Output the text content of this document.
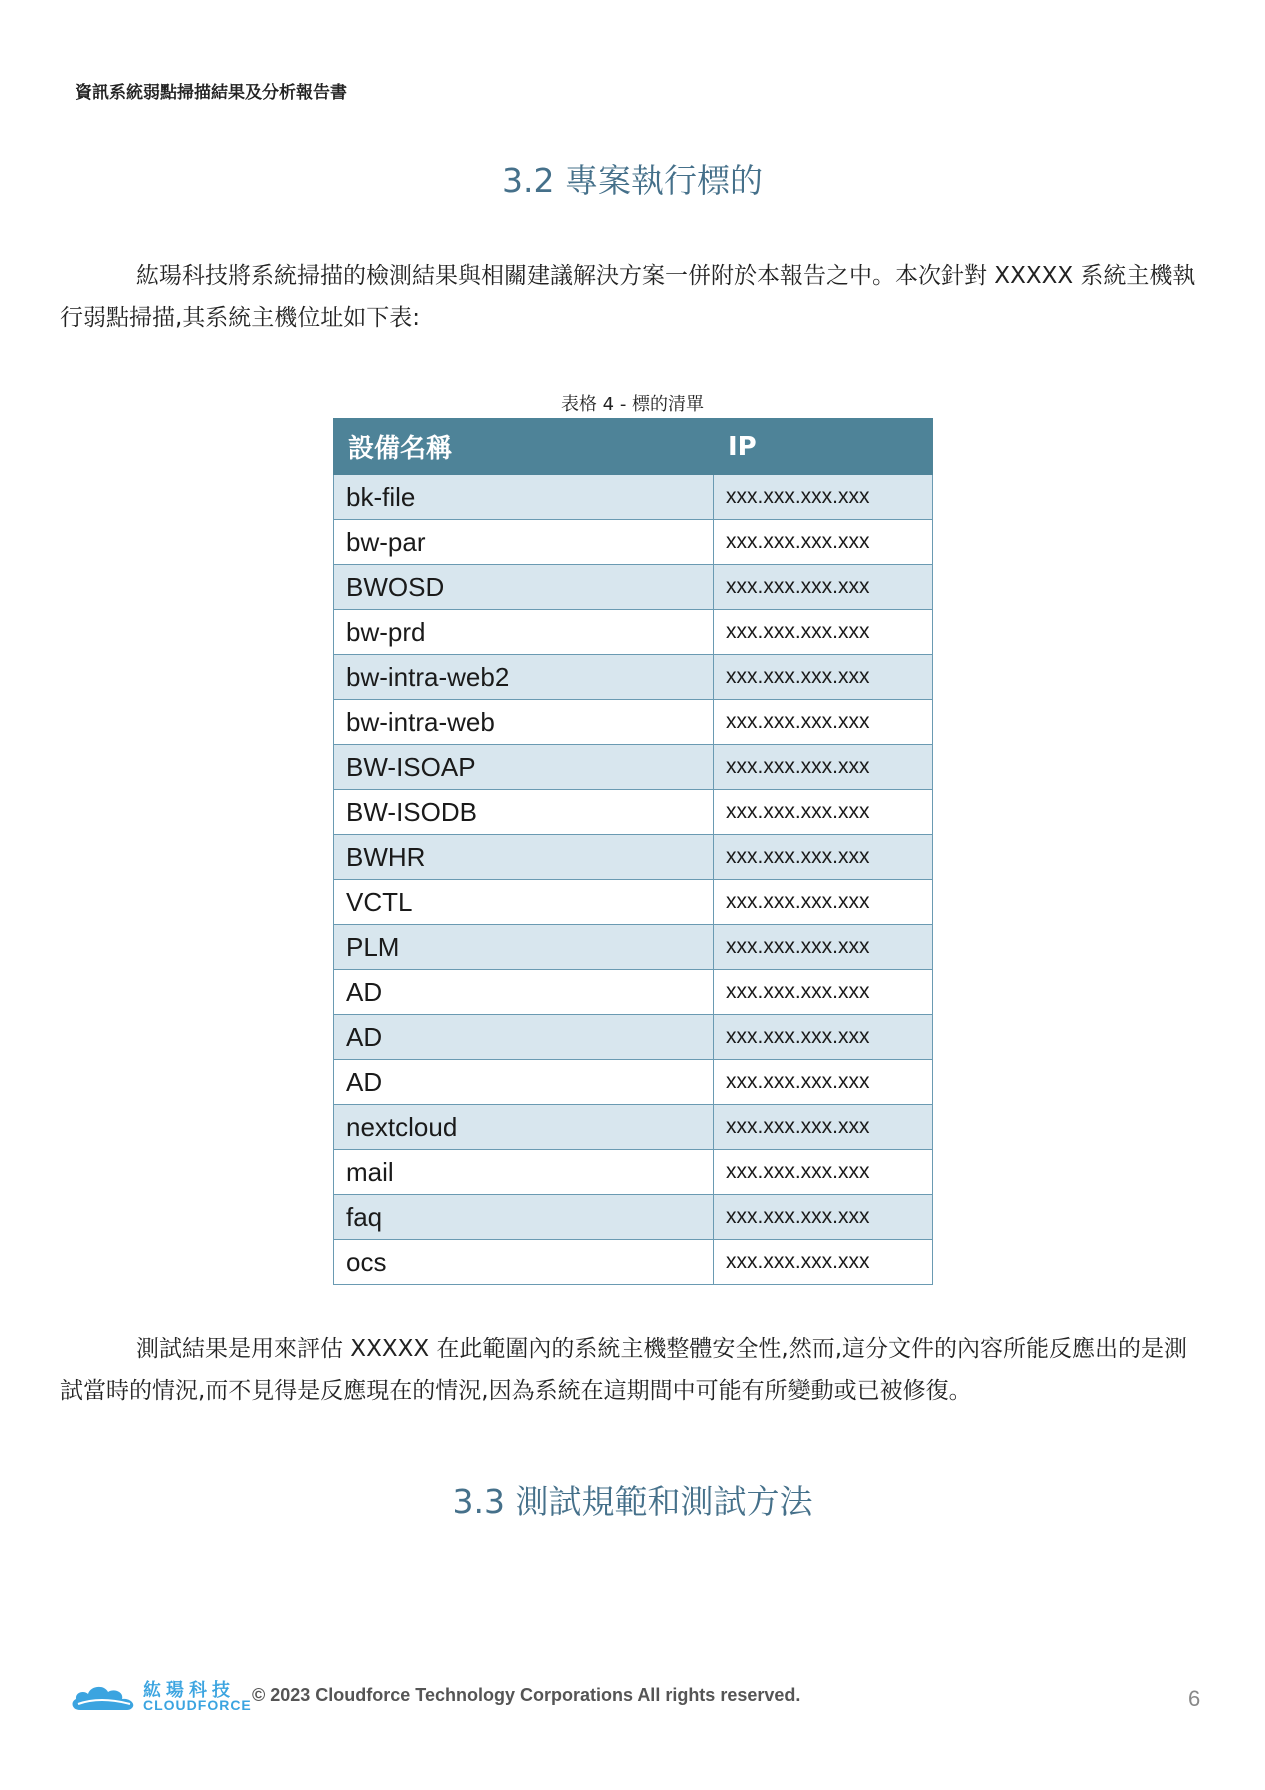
資訊系統弱點掃描結果及分析報告書
3.2 專案執行標的

紘瑒科技將系統掃描的檢測結果與相關建議解決方案一併附於本報告之中。本次針對 XXXXX 系統主機執行弱點掃描,其系統主機位址如下表:

表格 4 - 標的清單
設備名稱	IP
bk-file	xxx.xxx.xxx.xxx
bw-par	xxx.xxx.xxx.xxx
BWOSD	xxx.xxx.xxx.xxx
bw-prd	xxx.xxx.xxx.xxx
bw-intra-web2	xxx.xxx.xxx.xxx
bw-intra-web	xxx.xxx.xxx.xxx
BW-ISOAP	xxx.xxx.xxx.xxx
BW-ISODB	xxx.xxx.xxx.xxx
BWHR	xxx.xxx.xxx.xxx
VCTL	xxx.xxx.xxx.xxx
PLM	xxx.xxx.xxx.xxx
AD	xxx.xxx.xxx.xxx
AD	xxx.xxx.xxx.xxx
AD	xxx.xxx.xxx.xxx
nextcloud	xxx.xxx.xxx.xxx
mail	xxx.xxx.xxx.xxx
faq	xxx.xxx.xxx.xxx
ocs	xxx.xxx.xxx.xxx

測試結果是用來評估 XXXXX 在此範圍內的系統主機整體安全性,然而,這分文件的內容所能反應出的是測試當時的情況,而不見得是反應現在的情況,因為系統在這期間中可能有所變動或已被修復。

3.3 測試規範和測試方法
紘瑒科技
CLOUDFORCE © 2023 Cloudforce Technology Corporations All rights reserved.	6
